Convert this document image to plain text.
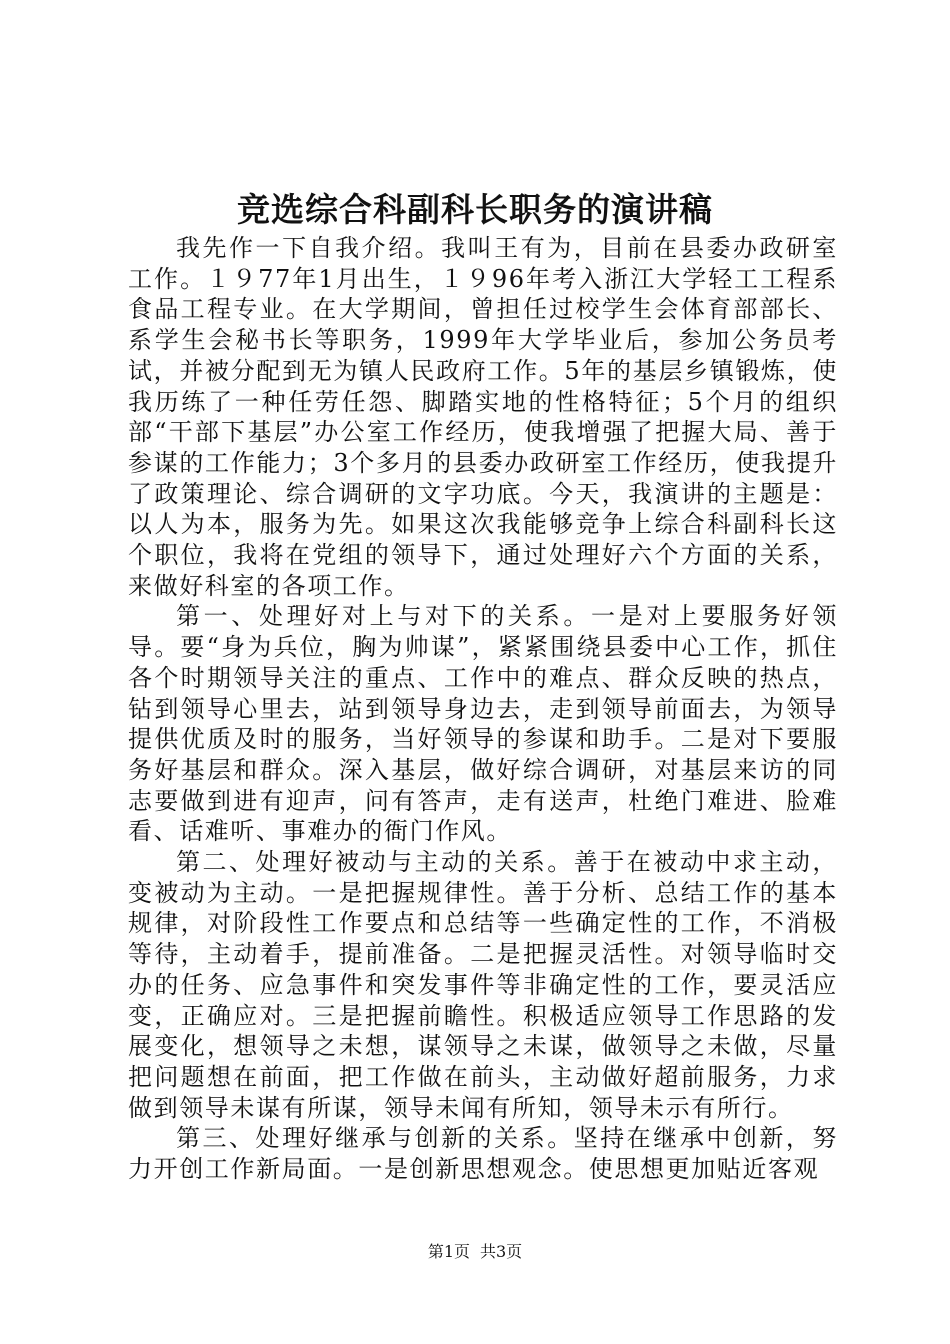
竞选综合科副科长职务的演讲稿

我先作一下自我介绍。我叫王有为，目前在县委办政研室工作。１９77年1月出生，１９96年考入浙江大学轻工工程系食品工程专业。在大学期间，曾担任过校学生会体育部部长、系学生会秘书长等职务，1999年大学毕业后，参加公务员考试，并被分配到无为镇人民政府工作。5年的基层乡镇锻炼，使我历练了一种任劳任怨、脚踏实地的性格特征；5个月的组织部“干部下基层”办公室工作经历，使我增强了把握大局、善于参谋的工作能力；3个多月的县委办政研室工作经历，使我提升了政策理论、综合调研的文字功底。今天，我演讲的主题是：以人为本，服务为先。如果这次我能够竞争上综合科副科长这个职位，我将在党组的领导下，通过处理好六个方面的关系，来做好科室的各项工作。

第一、处理好对上与对下的关系。一是对上要服务好领导。要“身为兵位，胸为帅谋”，紧紧围绕县委中心工作，抓住各个时期领导关注的重点、工作中的难点、群众反映的热点，钻到领导心里去，站到领导身边去，走到领导前面去，为领导提供优质及时的服务，当好领导的参谋和助手。二是对下要服务好基层和群众。深入基层，做好综合调研，对基层来访的同志要做到进有迎声，问有答声，走有送声，杜绝门难进、脸难看、话难听、事难办的衙门作风。

第二、处理好被动与主动的关系。善于在被动中求主动，变被动为主动。一是把握规律性。善于分析、总结工作的基本规律，对阶段性工作要点和总结等一些确定性的工作，不消极等待，主动着手，提前准备。二是把握灵活性。对领导临时交办的任务、应急事件和突发事件等非确定性的工作，要灵活应变，正确应对。三是把握前瞻性。积极适应领导工作思路的发展变化，想领导之未想，谋领导之未谋，做领导之未做，尽量把问题想在前面，把工作做在前头，主动做好超前服务，力求做到领导未谋有所谋，领导未闻有所知，领导未示有所行。

第三、处理好继承与创新的关系。坚持在继承中创新，努力开创工作新局面。一是创新思想观念。使思想更加贴近客观

第1页 共3页
